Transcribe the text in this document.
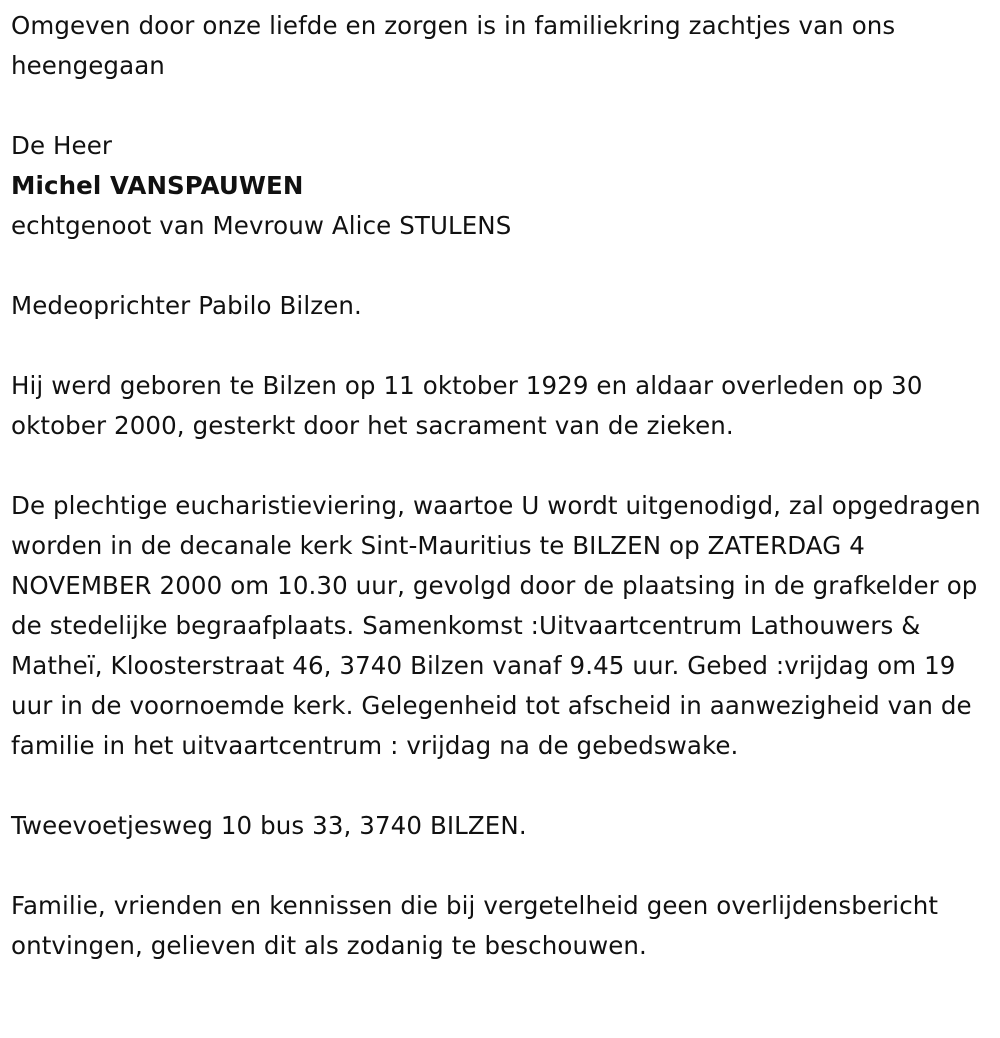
Omgeven door onze liefde en zorgen is in familiekring zachtjes van ons heengegaan

De Heer

Michel VANSPAUWEN

echtgenoot van Mevrouw Alice STULENS

Medeoprichter Pabilo Bilzen.

Hij werd geboren te Bilzen op 11 oktober 1929 en aldaar overleden op 30 oktober 2000, gesterkt door het sacrament van de zieken.

De plechtige eucharistieviering, waartoe U wordt uitgenodigd, zal opgedragen worden in de decanale kerk Sint-Mauritius te BILZEN op ZATERDAG 4 NOVEMBER 2000 om 10.30 uur, gevolgd door de plaatsing in de grafkelder op de stedelijke begraafplaats. Samenkomst :Uitvaartcentrum Lathouwers & Matheï, Kloosterstraat 46, 3740 Bilzen vanaf 9.45 uur. Gebed :vrijdag om 19 uur in de voornoemde kerk. Gelegenheid tot afscheid in aanwezigheid van de familie in het uitvaartcentrum : vrijdag na de gebedswake.

Tweevoetjesweg 10 bus 33, 3740 BILZEN.

Familie, vrienden en kennissen die bij vergetelheid geen overlijdensbericht ontvingen, gelieven dit als zodanig te beschouwen.
